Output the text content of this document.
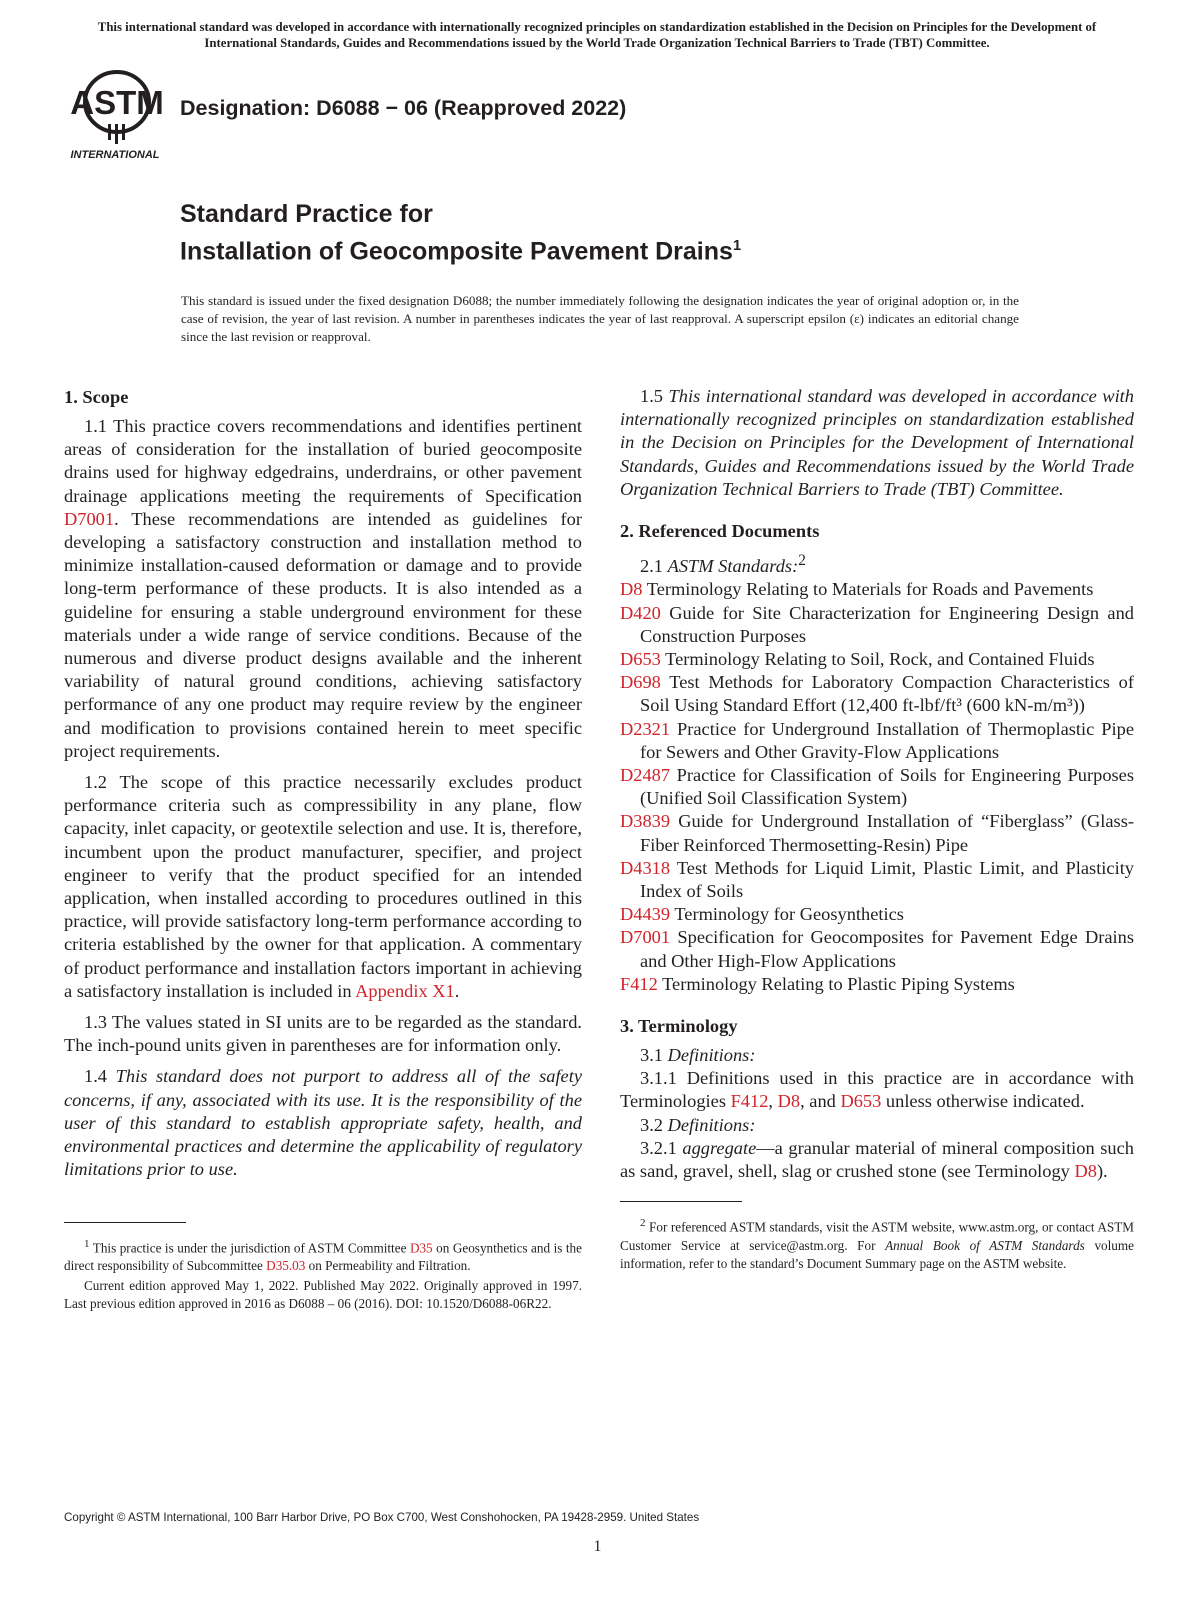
This international standard was developed in accordance with internationally recognized principles on standardization established in the Decision on Principles for the Development of International Standards, Guides and Recommendations issued by the World Trade Organization Technical Barriers to Trade (TBT) Committee.
ASTM
INTERNATIONAL
Designation: D6088 − 06 (Reapproved 2022)
Standard Practice for
Installation of Geocomposite Pavement Drains$^1$
This standard is issued under the fixed designation D6088; the number immediately following the designation indicates the year of original adoption or, in the case of revision, the year of last revision. A number in parentheses indicates the year of last reapproval. A superscript epsilon (ε) indicates an editorial change since the last revision or reapproval.
1. Scope

1.1 This practice covers recommendations and identifies pertinent areas of consideration for the installation of buried geocomposite drains used for highway edgedrains, underdrains, or other pavement drainage applications meeting the requirements of Specification D7001. These recommendations are intended as guidelines for developing a satisfactory construction and installation method to minimize installation-caused deformation or damage and to provide long-term performance of these products. It is also intended as a guideline for ensuring a stable underground environment for these materials under a wide range of service conditions. Because of the numerous and diverse product designs available and the inherent variability of natural ground conditions, achieving satisfactory performance of any one product may require review by the engineer and modification to provisions contained herein to meet specific project requirements.

1.2 The scope of this practice necessarily excludes product performance criteria such as compressibility in any plane, flow capacity, inlet capacity, or geotextile selection and use. It is, therefore, incumbent upon the product manufacturer, specifier, and project engineer to verify that the product specified for an intended application, when installed according to procedures outlined in this practice, will provide satisfactory long-term performance according to criteria established by the owner for that application. A commentary of product performance and installation factors important in achieving a satisfactory installation is included in Appendix X1.

1.3 The values stated in SI units are to be regarded as the standard. The inch-pound units given in parentheses are for information only.

1.4 This standard does not purport to address all of the safety concerns, if any, associated with its use. It is the responsibility of the user of this standard to establish appropriate safety, health, and environmental practices and determine the applicability of regulatory limitations prior to use.

$^1$ This practice is under the jurisdiction of ASTM Committee D35 on Geosynthetics and is the direct responsibility of Subcommittee D35.03 on Permeability and Filtration.

Current edition approved May 1, 2022. Published May 2022. Originally approved in 1997. Last previous edition approved in 2016 as D6088 – 06 (2016). DOI: 10.1520/D6088-06R22.

1.5 This international standard was developed in accordance with internationally recognized principles on standardization established in the Decision on Principles for the Development of International Standards, Guides and Recommendations issued by the World Trade Organization Technical Barriers to Trade (TBT) Committee.

2. Referenced Documents

2.1 ASTM Standards:$^2$

D8 Terminology Relating to Materials for Roads and Pavements
D420 Guide for Site Characterization for Engineering Design and Construction Purposes
D653 Terminology Relating to Soil, Rock, and Contained Fluids
D698 Test Methods for Laboratory Compaction Characteristics of Soil Using Standard Effort (12,400 ft-lbf/ft³ (600 kN-m/m³))
D2321 Practice for Underground Installation of Thermoplastic Pipe for Sewers and Other Gravity-Flow Applications
D2487 Practice for Classification of Soils for Engineering Purposes (Unified Soil Classification System)
D3839 Guide for Underground Installation of “Fiberglass” (Glass-Fiber Reinforced Thermosetting-Resin) Pipe
D4318 Test Methods for Liquid Limit, Plastic Limit, and Plasticity Index of Soils
D4439 Terminology for Geosynthetics
D7001 Specification for Geocomposites for Pavement Edge Drains and Other High-Flow Applications
F412 Terminology Relating to Plastic Piping Systems
3. Terminology

3.1 Definitions:

3.1.1 Definitions used in this practice are in accordance with Terminologies F412, D8, and D653 unless otherwise indicated.

3.2 Definitions:

3.2.1 aggregate—a granular material of mineral composition such as sand, gravel, shell, slag or crushed stone (see Terminology D8).

$^2$ For referenced ASTM standards, visit the ASTM website, www.astm.org, or contact ASTM Customer Service at service@astm.org. For Annual Book of ASTM Standards volume information, refer to the standard’s Document Summary page on the ASTM website.

Copyright © ASTM International, 100 Barr Harbor Drive, PO Box C700, West Conshohocken, PA 19428-2959. United States
1
